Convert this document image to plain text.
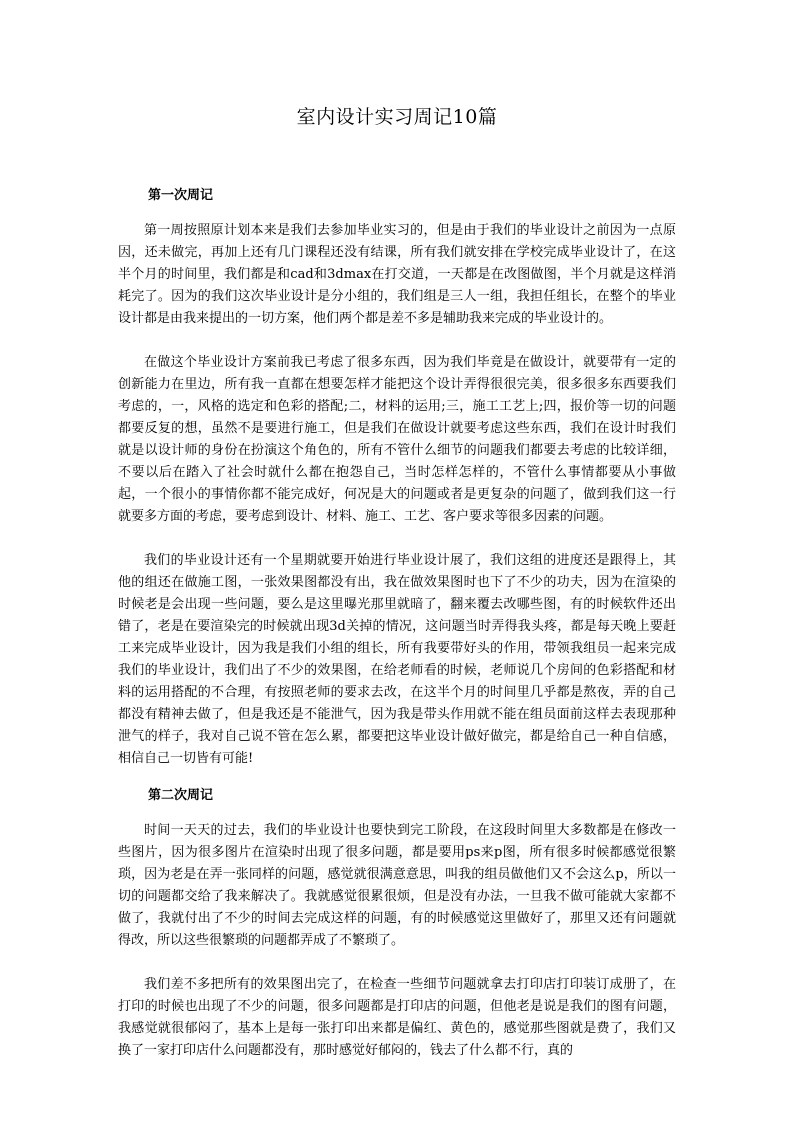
室内设计实习周记10篇
第一次周记

第一周按照原计划本来是我们去参加毕业实习的，但是由于我们的毕业设计之前因为一点原因，还未做完，再加上还有几门课程还没有结课，所有我们就安排在学校完成毕业设计了，在这半个月的时间里，我们都是和cad和3dmax在打交道，一天都是在改图做图，半个月就是这样消耗完了。因为的我们这次毕业设计是分小组的，我们组是三人一组，我担任组长，在整个的毕业设计都是由我来提出的一切方案，他们两个都是差不多是辅助我来完成的毕业设计的。

在做这个毕业设计方案前我已考虑了很多东西，因为我们毕竟是在做设计，就要带有一定的创新能力在里边，所有我一直都在想要怎样才能把这个设计弄得很很完美，很多很多东西要我们考虑的，一，风格的选定和色彩的搭配;二，材料的运用;三，施工工艺上;四，报价等一切的问题都要反复的想，虽然不是要进行施工，但是我们在做设计就要考虑这些东西，我们在设计时我们就是以设计师的身份在扮演这个角色的，所有不管什么细节的问题我们都要去考虑的比较详细，不要以后在踏入了社会时就什么都在抱怨自己，当时怎样怎样的，不管什么事情都要从小事做起，一个很小的事情你都不能完成好，何况是大的问题或者是更复杂的问题了，做到我们这一行就要多方面的考虑，要考虑到设计、材料、施工、工艺、客户要求等很多因素的问题。

我们的毕业设计还有一个星期就要开始进行毕业设计展了，我们这组的进度还是跟得上，其他的组还在做施工图，一张效果图都没有出，我在做效果图时也下了不少的功夫，因为在渲染的时候老是会出现一些问题，要么是这里曝光那里就暗了，翻来覆去改哪些图，有的时候软件还出错了，老是在要渲染完的时候就出现3d关掉的情况，这问题当时弄得我头疼，都是每天晚上要赶工来完成毕业设计，因为我是我们小组的组长，所有我要带好头的作用，带领我组员一起来完成我们的毕业设计，我们出了不少的效果图，在给老师看的时候，老师说几个房间的色彩搭配和材料的运用搭配的不合理，有按照老师的要求去改，在这半个月的时间里几乎都是熬夜，弄的自己都没有精神去做了，但是我还是不能泄气，因为我是带头作用就不能在组员面前这样去表现那种泄气的样子，我对自己说不管在怎么累，都要把这毕业设计做好做完，都是给自己一种自信感，相信自己一切皆有可能!

第二次周记

时间一天天的过去，我们的毕业设计也要快到完工阶段，在这段时间里大多数都是在修改一些图片，因为很多图片在渲染时出现了很多问题，都是要用ps来p图，所有很多时候都感觉很繁琐，因为老是在弄一张同样的问题，感觉就很满意意思，叫我的组员做他们又不会这么p，所以一切的问题都交给了我来解决了。我就感觉很累很烦，但是没有办法，一旦我不做可能就大家都不做了，我就付出了不少的时间去完成这样的问题，有的时候感觉这里做好了，那里又还有问题就得改，所以这些很繁琐的问题都弄成了不繁琐了。

我们差不多把所有的效果图出完了，在检查一些细节问题就拿去打印店打印装订成册了，在打印的时候也出现了不少的问题，很多问题都是打印店的问题，但他老是说是我们的图有问题，我感觉就很郁闷了，基本上是每一张打印出来都是偏红、黄色的，感觉那些图就是费了，我们又换了一家打印店什么问题都没有，那时感觉好郁闷的，钱去了什么都不行，真的
